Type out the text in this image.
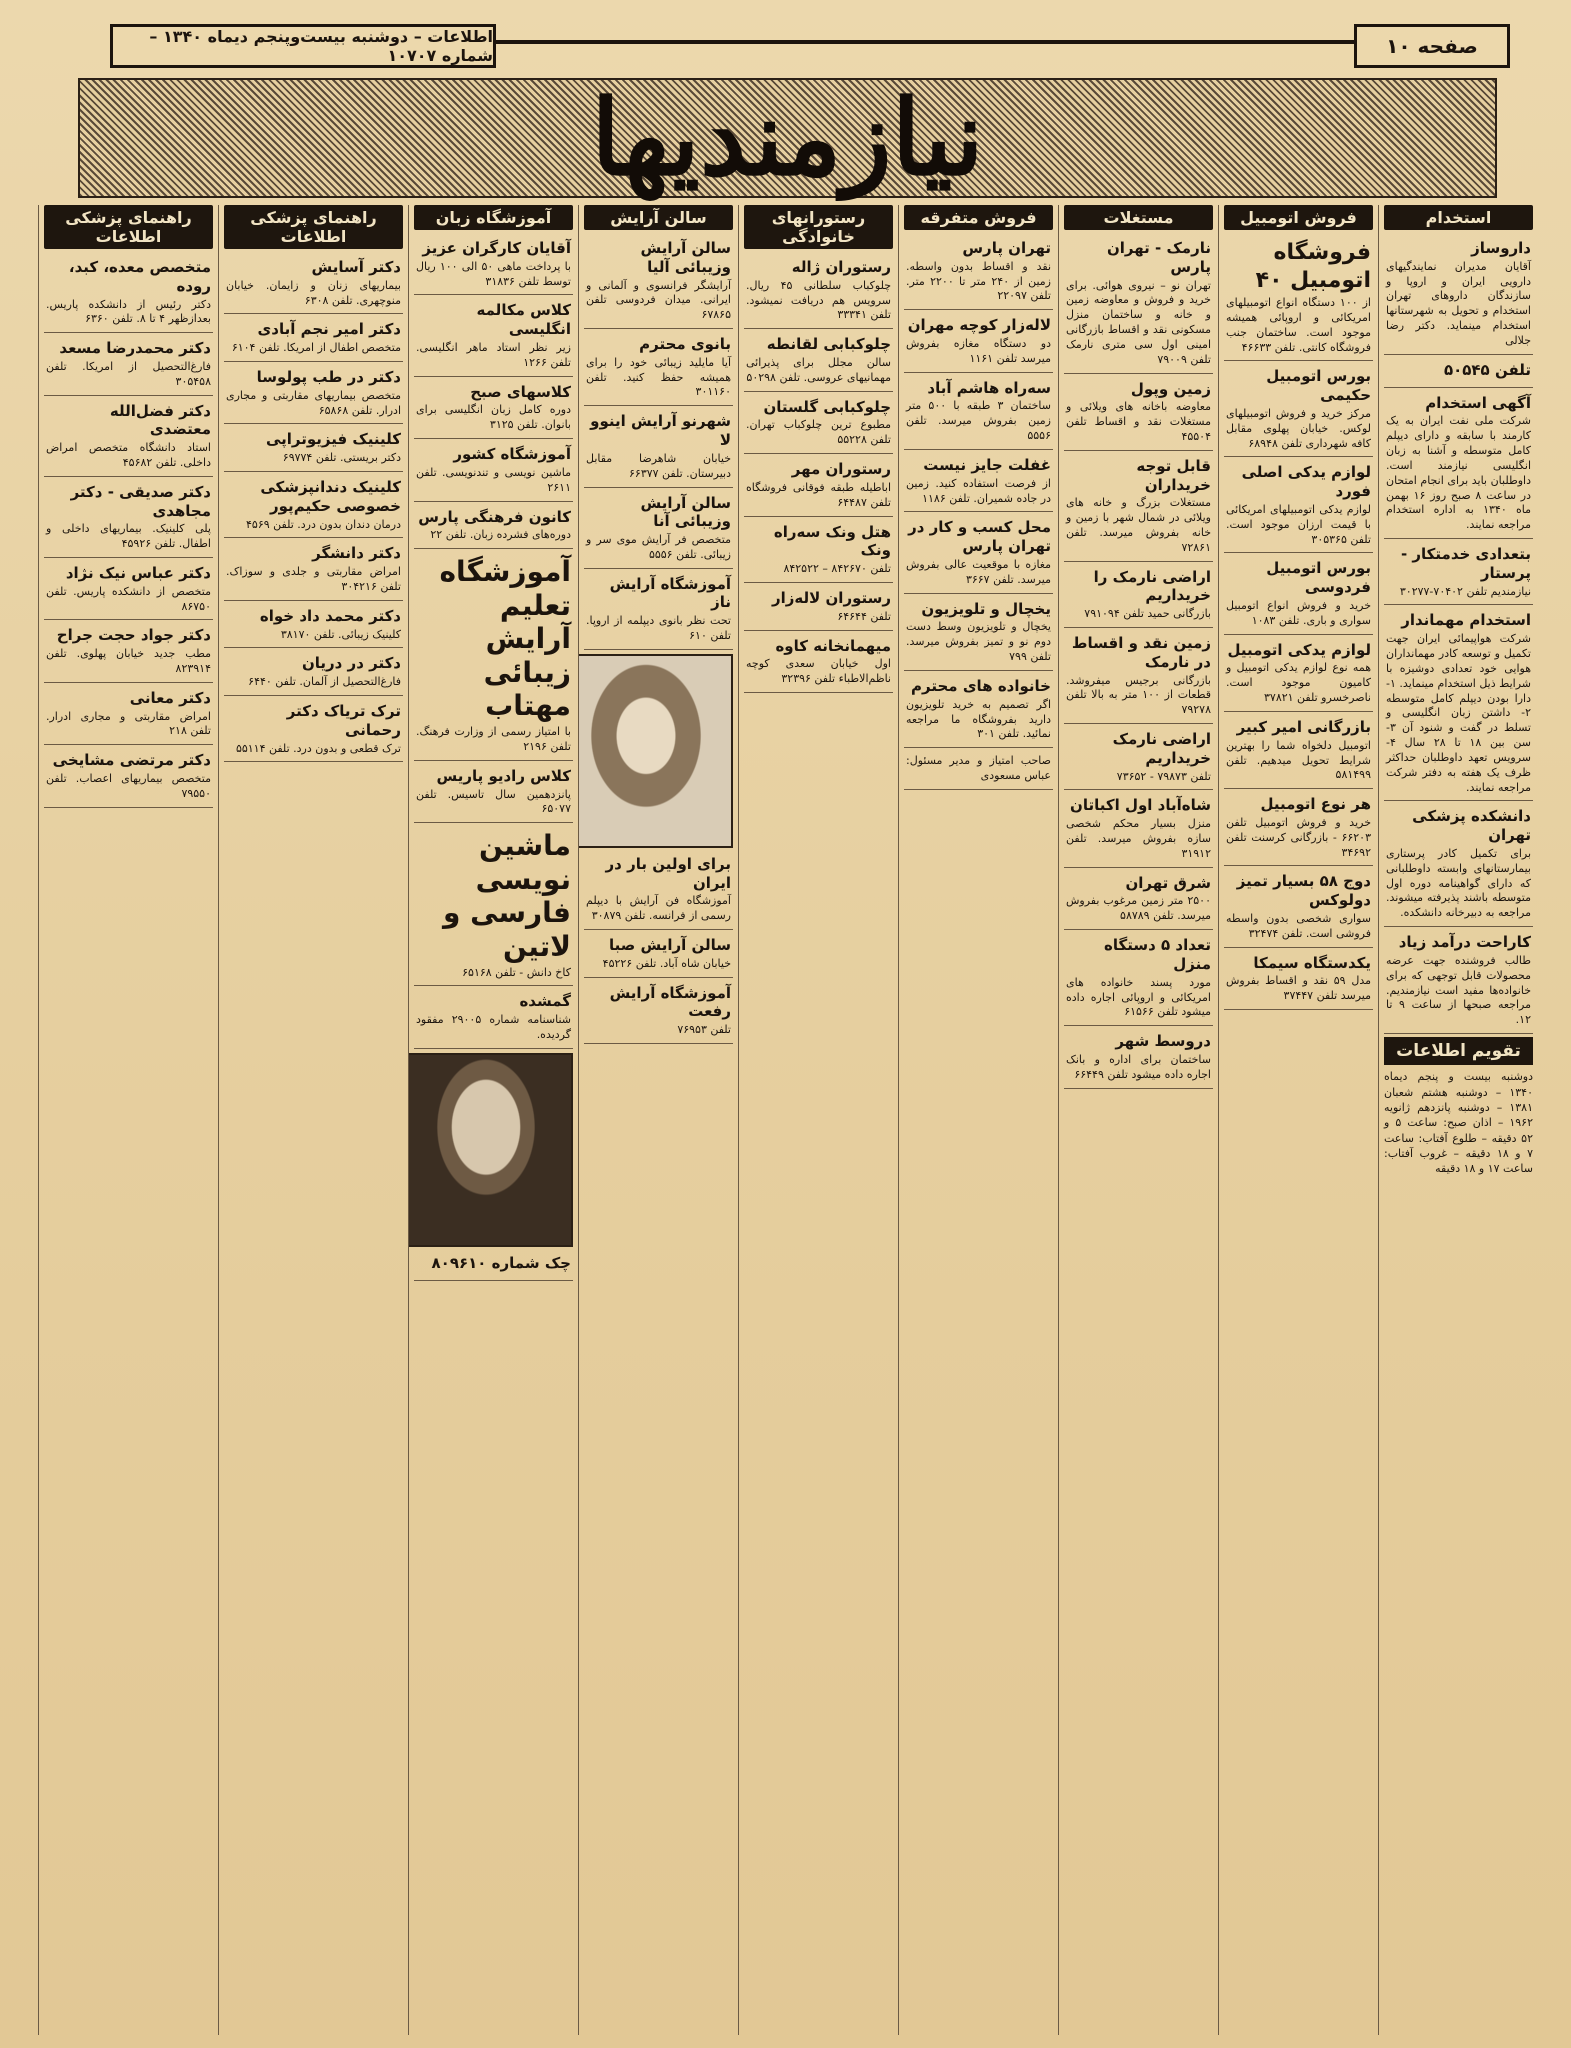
صفحه ۱۰
اطلاعات – دوشنبه بیست‌وپنجم دیماه ۱۳۴۰ – شماره ۱۰۷۰۷
نیازمندیها
استخدام
داروساز

آقایان مدیران نمایندگیهای دارویی ایران و اروپا و سازندگان داروهای تهران استخدام و تحویل به شهرستانها استخدام مینماید. دکتر رضا جلالی

تلفن ۵۰۵۴۵

آگهی استخدام

شرکت ملی نفت ایران به یک کارمند با سابقه و دارای دیپلم کامل متوسطه و آشنا به زبان انگلیسی نیازمند است. داوطلبان باید برای انجام امتحان در ساعت ۸ صبح روز ۱۶ بهمن ماه ۱۳۴۰ به اداره استخدام مراجعه نمایند.

بتعدادی خدمتکار - پرستار

نیازمندیم تلفن ۷۰۴۰۲-۳۰۲۷۷

استخدام مهماندار

شرکت هواپیمائی ایران جهت تکمیل و توسعه کادر مهمانداران هوایی خود تعدادی دوشیزه با شرایط ذیل استخدام مینماید. ۱- دارا بودن دیپلم کامل متوسطه ۲- داشتن زبان انگلیسی و تسلط در گفت و شنود آن ۳- سن بین ۱۸ تا ۲۸ سال ۴- سرویس تعهد داوطلبان حداکثر ظرف یک هفته به دفتر شرکت مراجعه نمایند.

دانشکده پزشکی تهران

برای تکمیل کادر پرستاری بیمارستانهای وابسته داوطلبانی که دارای گواهینامه دوره اول متوسطه باشند پذیرفته میشوند. مراجعه به دبیرخانه دانشکده.

کاراحت درآمد زیاد

طالب فروشنده جهت عرضه محصولات قابل توجهی که برای خانواده‌ها مفید است نیازمندیم. مراجعه صبحها از ساعت ۹ تا ۱۲.

تقویم اطلاعات
دوشنبه بیست و پنجم دیماه ۱۳۴۰ – دوشنبه هشتم شعبان ۱۳۸۱ – دوشنبه پانزدهم ژانویه ۱۹۶۲ – اذان صبح: ساعت ۵ و ۵۲ دقیقه – طلوع آفتاب: ساعت ۷ و ۱۸ دقیقه – غروب آفتاب: ساعت ۱۷ و ۱۸ دقیقه
فروش اتومبیل
فروشگاه اتومبیل ۴۰

از ۱۰۰ دستگاه انواع اتومبیلهای امریکائی و اروپائی همیشه موجود است. ساختمان جنب فروشگاه کانتی. تلفن ۴۶۶۳۳

بورس اتومبیل حکیمی

مرکز خرید و فروش اتومبیلهای لوکس. خیابان پهلوی مقابل کافه شهرداری تلفن ۶۸۹۴۸

لوازم یدکی اصلی فورد

لوازم یدکی اتومبیلهای امریکائی با قیمت ارزان موجود است. تلفن ۳۰۵۳۶۵

بورس اتومبیل فردوسی

خرید و فروش انواع اتومبیل سواری و باری. تلفن ۱۰۸۳

لوازم یدکی اتومبیل

همه نوع لوازم یدکی اتومبیل و کامیون موجود است. ناصرخسرو تلفن ۳۷۸۲۱

بازرگانی امیر کبیر

اتومبیل دلخواه شما را بهترین شرایط تحویل میدهیم. تلفن ۵۸۱۴۹۹

هر نوع اتومبیل

خرید و فروش اتومبیل تلفن ۶۶۲۰۳ - بازرگانی کرسنت تلفن ۳۴۶۹۲

دوج ۵۸ بسیار تمیز دولوکس

سواری شخصی بدون واسطه فروشی است. تلفن ۳۲۴۷۴

یکدستگاه سیمکا

مدل ۵۹ نقد و اقساط بفروش میرسد تلفن ۳۷۴۴۷

مستغلات
نارمک - تهران پارس

تهران نو – نیروی هوائی. برای خرید و فروش و معاوضه زمین و خانه و ساختمان منزل مسکونی نقد و اقساط بازرگانی امینی اول سی متری نارمک تلفن ۷۹۰۰۹

زمین وپول

معاوضه باخانه های ویلائی و مستغلات نقد و اقساط تلفن ۴۵۵۰۴

قابل توجه خریداران

مستغلات بزرگ و خانه های ویلائی در شمال شهر با زمین و خانه بفروش میرسد. تلفن ۷۲۸۶۱

اراضی نارمک را خریداریم

بازرگانی حمید تلفن ۷۹۱۰۹۴

زمین نقد و اقساط در نارمک

بازرگانی برجیس میفروشد. قطعات از ۱۰۰ متر به بالا تلفن ۷۹۲۷۸

اراضی نارمک خریداریم

تلفن ۷۹۸۷۳ - ۷۳۶۵۲

شاه‌آباد اول اکباتان

منزل بسیار محکم شخصی سازه بفروش میرسد. تلفن ۳۱۹۱۲

شرق تهران

۲۵۰۰ متر زمین مرغوب بفروش میرسد. تلفن ۵۸۷۸۹

تعداد ۵ دستگاه منزل

مورد پسند خانواده های امریکائی و اروپائی اجاره داده میشود تلفن ۶۱۵۶۶

دروسط شهر

ساختمان برای اداره و بانک اجاره داده میشود تلفن ۶۶۴۴۹

فروش متفرقه
تهران پارس

نقد و اقساط بدون واسطه. زمین از ۲۴۰ متر تا ۲۲۰۰ متر. تلفن ۲۲۰۹۷

لاله‌زار کوچه مهران

دو دستگاه مغازه بفروش میرسد تلفن ۱۱۶۱

سه‌راه هاشم آباد

ساختمان ۳ طبقه با ۵۰۰ متر زمین بفروش میرسد. تلفن ۵۵۵۶

غفلت جایز نیست

از فرصت استفاده کنید. زمین در جاده شمیران. تلفن ۱۱۸۶

محل کسب و کار در تهران پارس

مغازه با موقعیت عالی بفروش میرسد. تلفن ۳۶۶۷

یخچال و تلویزیون

یخچال و تلویزیون وسط دست دوم نو و تمیز بفروش میرسد. تلفن ۷۹۹

خانواده های محترم

اگر تصمیم به خرید تلویزیون دارید بفروشگاه ما مراجعه نمائید. تلفن ۳۰۱

صاحب امتیاز و مدیر مسئول: عباس مسعودی

رستورانهای خانوادگی
رستوران ژاله

چلوکباب سلطانی ۴۵ ریال. سرویس هم دریافت نمیشود. تلفن ۳۳۳۴۱

چلوکبابی لقانطه

سالن مجلل برای پذیرائی مهمانیهای عروسی. تلفن ۵۰۲۹۸

چلوکبابی گلستان

مطبوع ترین چلوکباب تهران. تلفن ۵۵۲۲۸

رستوران مهر

اباطیله طبقه فوقانی فروشگاه تلفن ۶۴۴۸۷

هتل ونک سه‌راه ونک

تلفن ۸۴۲۶۷۰ – ۸۴۲۵۲۲

رستوران لاله‌زار

تلفن ۶۴۶۴۴

میهمانخانه کاوه

اول خیابان سعدی کوچه ناظم‌الاطباء تلفن ۳۲۳۹۶

سالن آرایش
سالن آرایش وزیبائی آلیا

آرایشگر فرانسوی و آلمانی و ایرانی. میدان فردوسی تلفن ۶۷۸۶۵

بانوی محترم

آیا مایلید زیبائی خود را برای همیشه حفظ کنید. تلفن ۳۰۱۱۶۰

شهرنو آرایش اینوو لا

خیابان شاهرضا مقابل دبیرستان. تلفن ۶۶۳۷۷

سالن آرایش وزیبائی آنا

متخصص فر آرایش موی سر و زیبائی. تلفن ۵۵۵۶

آموزشگاه آرایش ناز

تحت نظر بانوی دیپلمه از اروپا. تلفن ۶۱۰

برای اولین بار در ایران

آموزشگاه فن آرایش با دیپلم رسمی از فرانسه. تلفن ۳۰۸۷۹

سالن آرایش صبا

خیابان شاه آباد. تلفن ۴۵۲۲۶

آموزشگاه آرایش رفعت

تلفن ۷۶۹۵۳

آموزشگاه زبان
آقایان کارگران عزیز

با پرداخت ماهی ۵۰ الی ۱۰۰ ریال توسط تلفن ۳۱۸۳۶

کلاس مکالمه انگلیسی

زیر نظر استاد ماهر انگلیسی. تلفن ۱۲۶۶

کلاسهای صبح

دوره کامل زبان انگلیسی برای بانوان. تلفن ۳۱۲۵

آموزشگاه کشور

ماشین نویسی و تندنویسی. تلفن ۲۶۱۱

کانون فرهنگی پارس

دوره‌های فشرده زبان. تلفن ۲۲

آموزشگاه تعلیم آرایش زیبائی مهتاب

با امتیاز رسمی از وزارت فرهنگ. تلفن ۲۱۹۶

کلاس رادیو پاریس

پانزدهمین سال تاسیس. تلفن ۶۵۰۷۷

ماشین نویسی فارسی و لاتین

کاخ دانش - تلفن ۶۵۱۶۸

گمشده

شناسنامه شماره ۲۹۰۰۵ مفقود گردیده.

چک شماره ۸۰۹۶۱۰
راهنمای پزشکی اطلاعات
دکتر آسایش

بیماریهای زنان و زایمان. خیابان منوچهری. تلفن ۶۳۰۸

دکتر امیر نجم آبادی

متخصص اطفال از امریکا. تلفن ۶۱۰۴

دکتر در طب پولوسا

متخصص بیماریهای مقاربتی و مجاری ادرار. تلفن ۶۵۸۶۸

کلینیک فیزیوتراپی

دکتر بریستی. تلفن ۶۹۷۷۴

کلینیک دندانپزشکی خصوصی حکیم‌پور

درمان دندان بدون درد. تلفن ۴۵۶۹

دکتر دانشگر

امراض مقاربتی و جلدی و سوزاک. تلفن ۳۰۴۲۱۶

دکتر محمد داد خواه

کلینیک زیبائی. تلفن ۳۸۱۷۰

دکتر در دریان

فارغ‌التحصیل از آلمان. تلفن ۶۴۴۰

ترک تریاک دکتر رحمانی

ترک قطعی و بدون درد. تلفن ۵۵۱۱۴

راهنمای پزشکی اطلاعات
متخصص معده، کبد، روده

دکتر رئیس از دانشکده پاریس. بعدازظهر ۴ تا ۸. تلفن ۶۳۶۰

دکتر محمدرضا مسعد

فارغ‌التحصیل از امریکا. تلفن ۳۰۵۴۵۸

دکتر فضل‌الله معتضدی

استاد دانشگاه متخصص امراض داخلی. تلفن ۴۵۶۸۲

دکتر صدیقی - دکتر مجاهدی

پلی کلینیک. بیماریهای داخلی و اطفال. تلفن ۴۵۹۲۶

دکتر عباس نیک نژاد

متخصص از دانشکده پاریس. تلفن ۸۶۷۵۰

دکتر جواد حجت جراح

مطب جدید خیابان پهلوی. تلفن ۸۲۳۹۱۴

دکتر معانی

امراض مقاربتی و مجاری ادرار. تلفن ۲۱۸

دکتر مرتضی مشایخی

متخصص بیماریهای اعصاب. تلفن ۷۹۵۵۰
